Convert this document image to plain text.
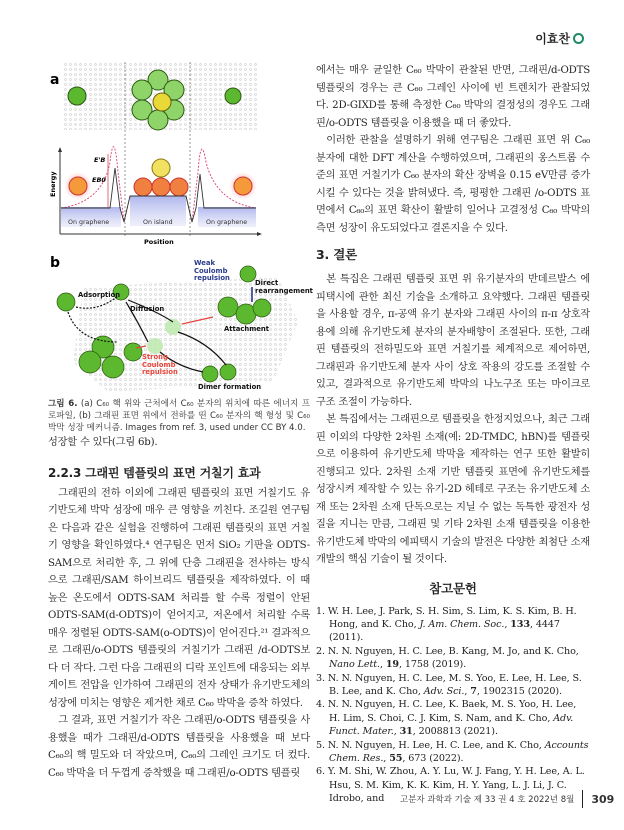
이효찬
a
E'B
EB0
Energy
Position
On graphene	On island	On graphene
b
Adsorption
Diffusion
Attachment
Weak Coulomb repulsion
Direct rearrangement
Strong Coulomb repulsion
Dimer formation
그림 6. (a) C₆₀ 핵 위와 근처에서 C₆₀ 분자의 위치에 따른 에너지 프로파일, (b) 그래핀 표면 위에서 전하를 띤 C₆₀ 분자의 핵 형성 및 C₆₀ 박막 성장 메커니즘. Images from ref. 3, used under CC BY 4.0.

성장할 수 있다(그림 6b).

2.2.3 그래핀 템플릿의 표면 거칠기 효과

그래핀의 전하 이외에 그래핀 템플릿의 표면 거칠기도 유기반도체 박막 성장에 매우 큰 영향을 끼친다. 조길원 연구팀은 다음과 같은 실험을 진행하여 그래핀 템플릿의 표면 거칠기 영향을 확인하였다.⁴ 연구팀은 먼저 SiO₂ 기판을 ODTS-SAM으로 처리한 후, 그 위에 단층 그래핀을 전사하는 방식으로 그래핀/SAM 하이브리드 템플릿을 제작하였다. 이 때 높은 온도에서 ODTS-SAM 처리를 할 수록 정렬이 안된 ODTS-SAM(d-ODTS)이 얻어지고, 저온에서 처리할 수록 매우 정렬된 ODTS-SAM(o-ODTS)이 얻어진다.²¹ 결과적으로 그래핀/o-ODTS 템플릿의 거칠기가 그래핀 /d-ODTS보다 더 작다. 그런 다음 그래핀의 디락 포인트에 대응되는 외부 게이트 전압을 인가하여 그래핀의 전자 상태가 유기반도체의 성장에 미치는 영향은 제거한 채로 C₆₀ 박막을 증착 하였다.

그 결과, 표면 거칠기가 작은 그래핀/o-ODTS 템플릿을 사용했을 때가 그래핀/d-ODTS 템플릿을 사용했을 때 보다 C₆₀의 핵 밀도와 더 작았으며, C₆₀의 그레인 크기도 더 컸다. C₆₀ 박막을 더 두껍게 증착했을 때 그래핀/o-ODTS 템플릿

에서는 매우 균일한 C₆₀ 박막이 관찰된 반면, 그래핀/d-ODTS 템플릿의 경우는 큰 C₆₀ 그레인 사이에 빈 트렌치가 관찰되었다. 2D-GIXD를 통해 측정한 C₆₀ 박막의 결정성의 경우도 그래핀/o-ODTS 템플릿을 이용했을 때 더 좋았다.

이러한 관찰을 설명하기 위해 연구팀은 그래핀 표면 위 C₆₀ 분자에 대한 DFT 계산을 수행하였으며, 그래핀의 옹스트롬 수준의 표면 거칠기가 C₆₀ 분자의 확산 장벽을 0.15 eV만큼 증가시킬 수 있다는 것을 밝혀냈다. 즉, 평평한 그래핀 /o-ODTS 표면에서 C₆₀의 표면 확산이 활발히 일어나 고결정성 C₆₀ 박막의 측면 성장이 유도되었다고 결론지을 수 있다.

3. 결론

본 특집은 그래핀 템플릿 표면 위 유기분자의 반데르발스 에피택시에 관한 최신 기술을 소개하고 요약했다. 그래핀 템플릿을 사용할 경우, π-공액 유기 분자와 그래핀 사이의 π-π 상호작용에 의해 유기반도체 분자의 분자배향이 조절된다. 또한, 그래핀 템플릿의 전하밀도와 표면 거칠기를 체계적으로 제어하면, 그래핀과 유기반도체 분자 사이 상호 작용의 강도를 조절할 수 있고, 결과적으로 유기반도체 박막의 나노구조 또는 마이크로 구조 조절이 가능하다.

본 특집에서는 그래핀으로 템플릿을 한정지었으나, 최근 그래핀 이외의 다양한 2차원 소재(예: 2D-TMDC, hBN)를 템플릿으로 이용하여 유기반도체 박막을 제작하는 연구 또한 활발히 진행되고 있다. 2차원 소재 기반 템플릿 표면에 유기반도체를 성장시켜 제작할 수 있는 유기-2D 헤테로 구조는 유기반도체 소재 또는 2차원 소재 단독으로는 지닐 수 없는 독특한 광전자 성질을 지니는 만큼, 그래핀 및 기타 2차원 소재 템플릿을 이용한 유기반도체 박막의 에피택시 기술의 발전은 다양한 최첨단 소재 개발의 핵심 기술이 될 것이다.

참고문헌
1. W. H. Lee, J. Park, S. H. Sim, S. Lim, K. S. Kim, B. H. Hong, and K. Cho, J. Am. Chem. Soc., 133, 4447 (2011).
2. N. N. Nguyen, H. C. Lee, B. Kang, M. Jo, and K. Cho, Nano Lett., 19, 1758 (2019).
3. N. N. Nguyen, H. C. Lee, M. S. Yoo, E. Lee, H. Lee, S. B. Lee, and K. Cho, Adv. Sci., 7, 1902315 (2020).
4. N. N. Nguyen, H. C. Lee, K. Baek, M. S. Yoo, H. Lee, H. Lim, S. Choi, C. J. Kim, S. Nam, and K. Cho, Adv. Funct. Mater., 31, 2008813 (2021).
5. N. N. Nguyen, H. Lee, H. C. Lee, and K. Cho, Accounts Chem. Res., 55, 673 (2022).
6. Y. M. Shi, W. Zhou, A. Y. Lu, W. J. Fang, Y. H. Lee, A. L. Hsu, S. M. Kim, K. K. Kim, H. Y. Yang, L. J. Li, J. C. Idrobo, and	고분자 과학과 기술 제 33 권 4 호 2022년 8월 309
